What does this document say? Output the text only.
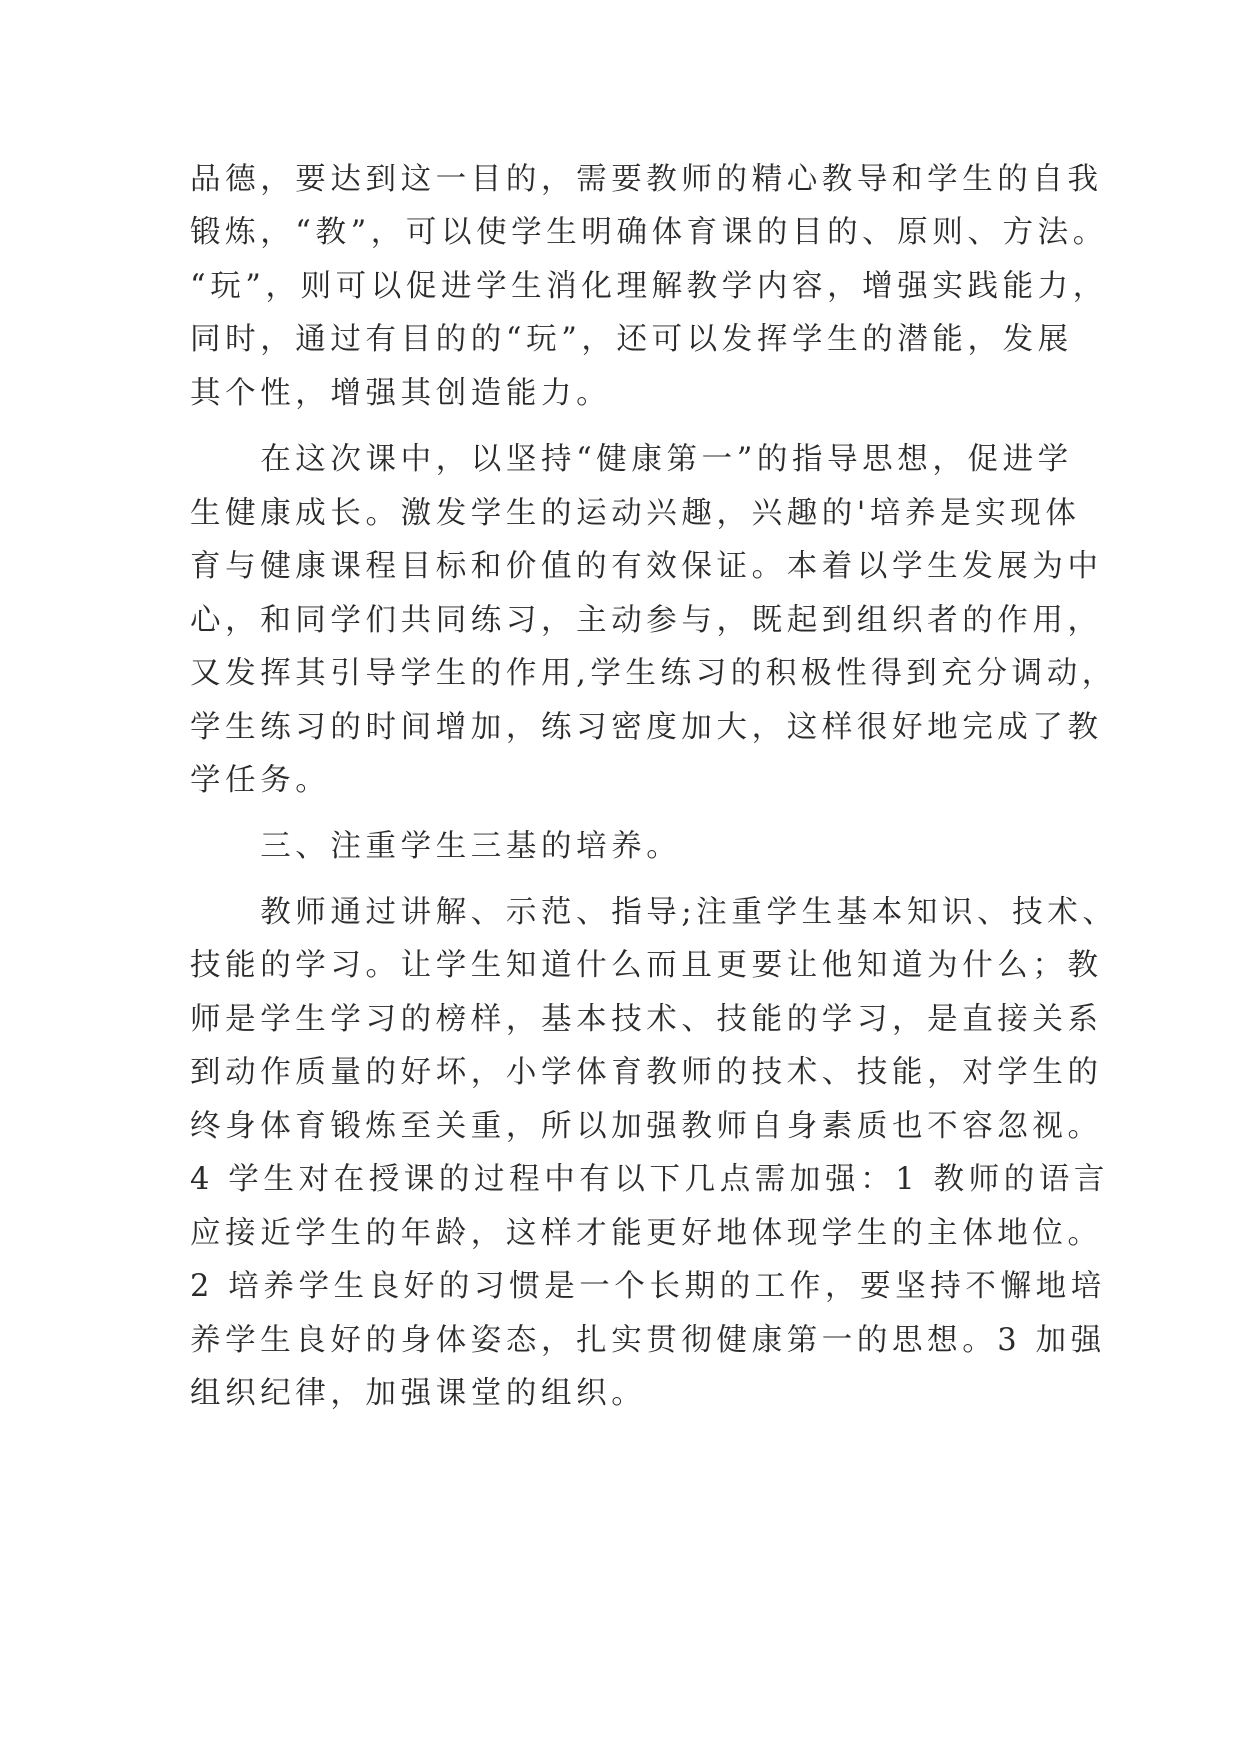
品德，要达到这一目的，需要教师的精心教导和学生的自我
锻炼，“教”，可以使学生明确体育课的目的、原则、方法。
“玩”，则可以促进学生消化理解教学内容，增强实践能力，
同时，通过有目的的“玩”，还可以发挥学生的潜能，发展
其个性，增强其创造能力。
　　在这次课中，以坚持“健康第一”的指导思想，促进学
生健康成长。激发学生的运动兴趣，兴趣的'培养是实现体
育与健康课程目标和价值的有效保证。本着以学生发展为中
心，和同学们共同练习，主动参与，既起到组织者的作用，
又发挥其引导学生的作用,学生练习的积极性得到充分调动，
学生练习的时间增加，练习密度加大，这样很好地完成了教
学任务。
　　三、注重学生三基的培养。
　　教师通过讲解、示范、指导;注重学生基本知识、技术、
技能的学习。让学生知道什么而且更要让他知道为什么；教
师是学生学习的榜样，基本技术、技能的学习，是直接关系
到动作质量的好坏，小学体育教师的技术、技能，对学生的
终身体育锻炼至关重，所以加强教师自身素质也不容忽视。
4 学生对在授课的过程中有以下几点需加强：1 教师的语言
应接近学生的年龄，这样才能更好地体现学生的主体地位。
2 培养学生良好的习惯是一个长期的工作，要坚持不懈地培
养学生良好的身体姿态，扎实贯彻健康第一的思想。3 加强
组织纪律，加强课堂的组织。
